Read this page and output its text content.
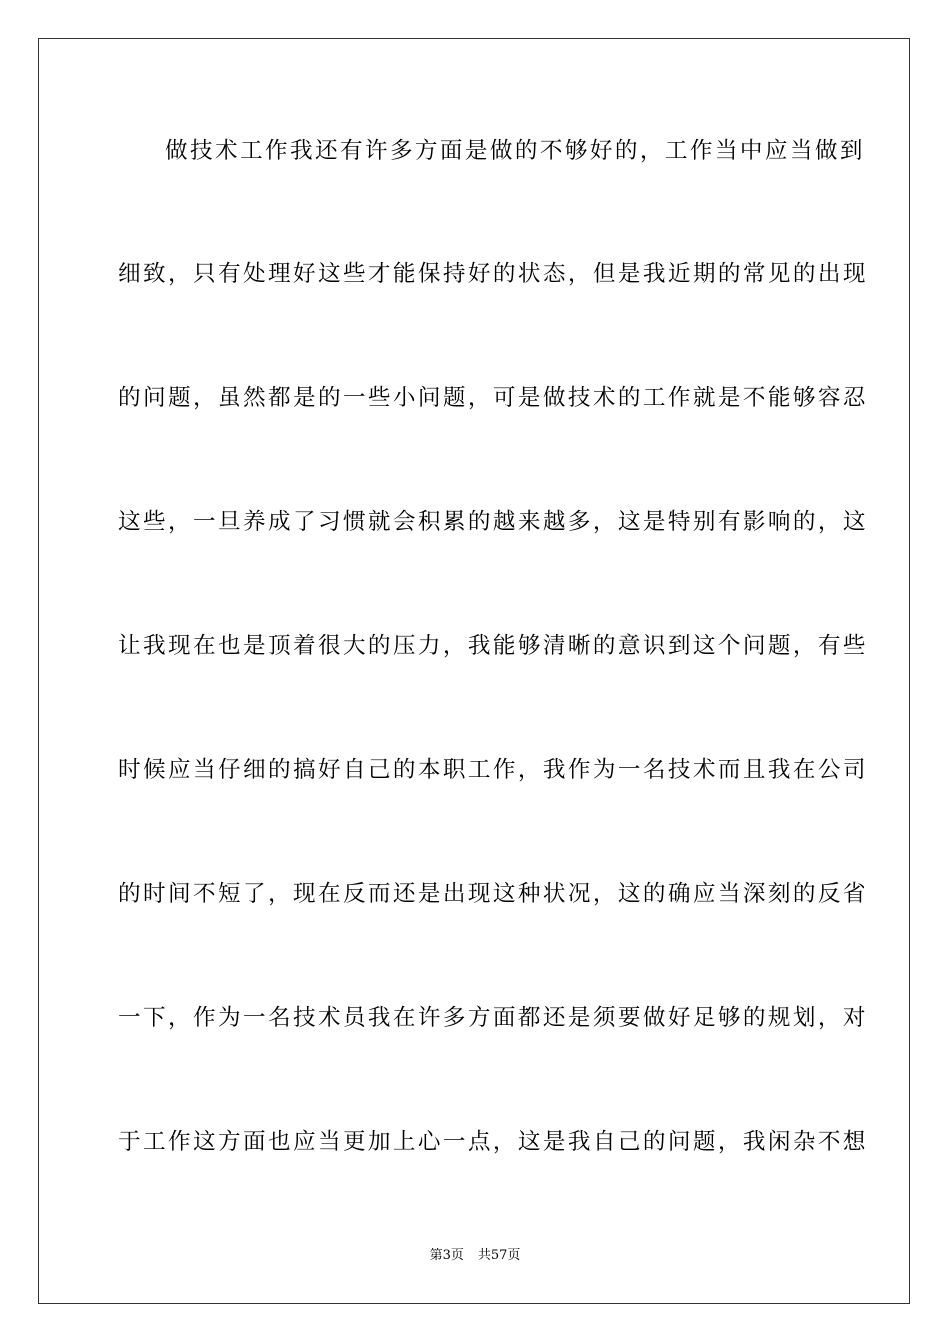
做技术工作我还有许多方面是做的不够好的，工作当中应当做到
细致，只有处理好这些才能保持好的状态，但是我近期的常见的出现
的问题，虽然都是的一些小问题，可是做技术的工作就是不能够容忍
这些，一旦养成了习惯就会积累的越来越多，这是特别有影响的，这
让我现在也是顶着很大的压力，我能够清晰的意识到这个问题，有些
时候应当仔细的搞好自己的本职工作，我作为一名技术而且我在公司
的时间不短了，现在反而还是出现这种状况，这的确应当深刻的反省
一下，作为一名技术员我在许多方面都还是须要做好足够的规划，对
于工作这方面也应当更加上心一点，这是我自己的问题，我闲杂不想
第3页 共57页
